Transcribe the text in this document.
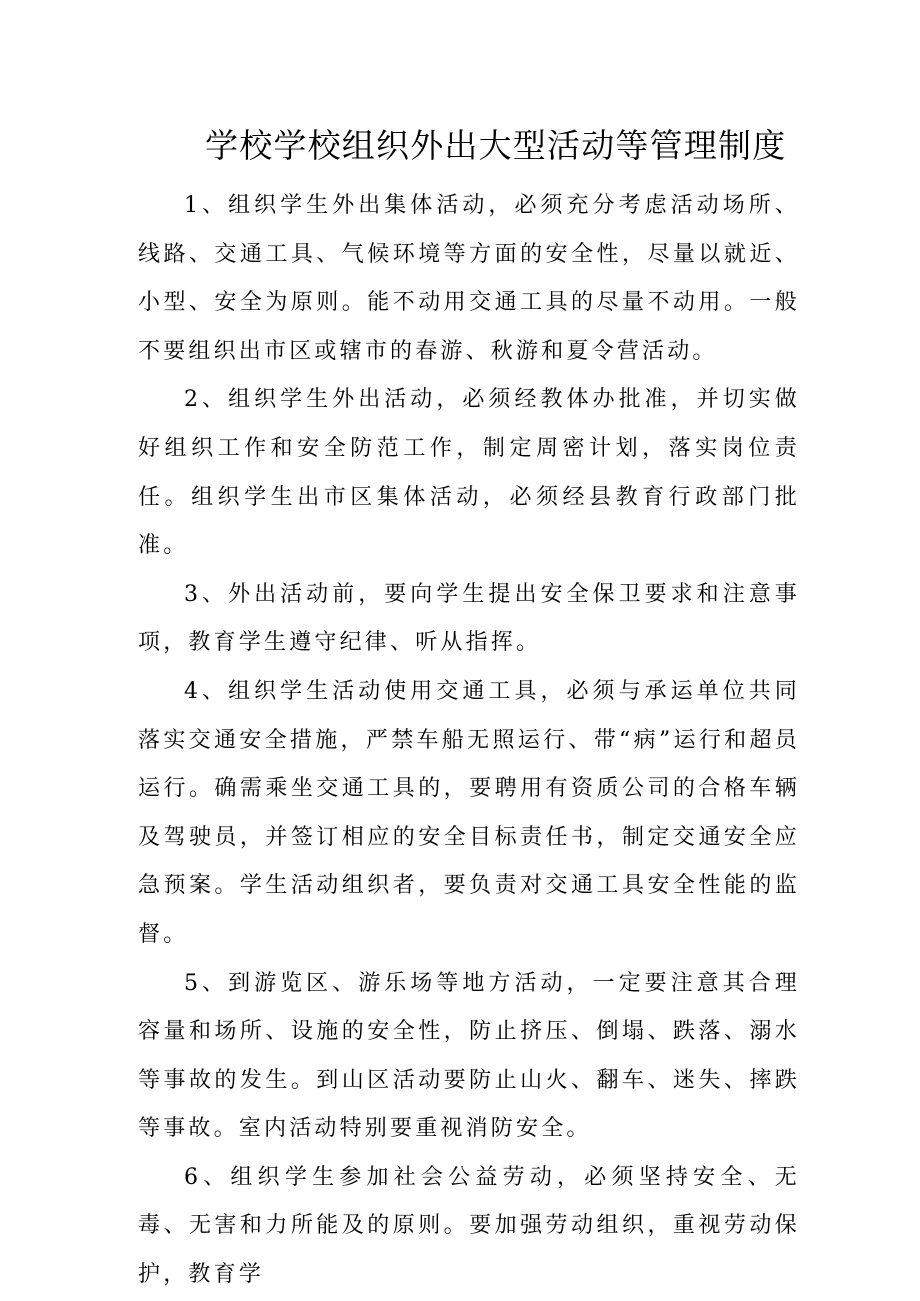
学校学校组织外出大型活动等管理制度

1、组织学生外出集体活动，必须充分考虑活动场所、线路、交通工具、气候环境等方面的安全性，尽量以就近、小型、安全为原则。能不动用交通工具的尽量不动用。一般不要组织出市区或辖市的春游、秋游和夏令营活动。

2、组织学生外出活动，必须经教体办批准，并切实做好组织工作和安全防范工作，制定周密计划，落实岗位责任。组织学生出市区集体活动，必须经县教育行政部门批准。

3、外出活动前，要向学生提出安全保卫要求和注意事项，教育学生遵守纪律、听从指挥。

4、组织学生活动使用交通工具，必须与承运单位共同落实交通安全措施，严禁车船无照运行、带“病”运行和超员运行。确需乘坐交通工具的，要聘用有资质公司的合格车辆及驾驶员，并签订相应的安全目标责任书，制定交通安全应急预案。学生活动组织者，要负责对交通工具安全性能的监督。

5、到游览区、游乐场等地方活动，一定要注意其合理容量和场所、设施的安全性，防止挤压、倒塌、跌落、溺水等事故的发生。到山区活动要防止山火、翻车、迷失、摔跌等事故。室内活动特别要重视消防安全。

6、组织学生参加社会公益劳动，必须坚持安全、无毒、无害和力所能及的原则。要加强劳动组织，重视劳动保护，教育学
